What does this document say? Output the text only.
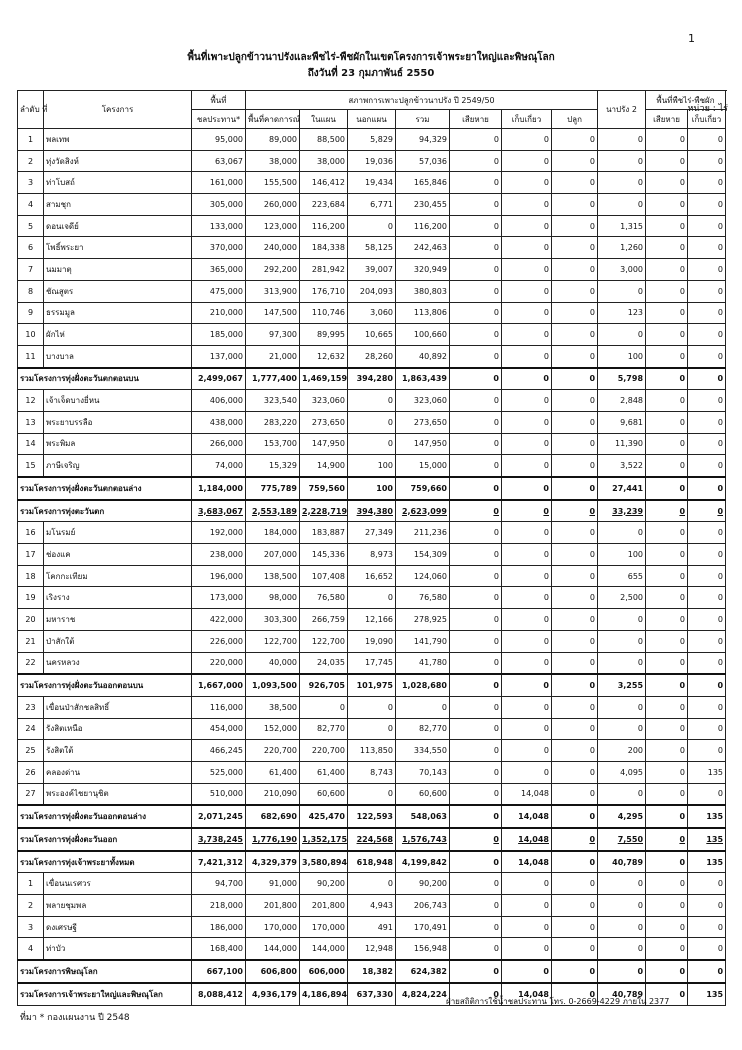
1
พื้นที่เพาะปลูกข้าวนาปรังและพืชไร่-พืชผักในเขตโครงการเจ้าพระยาใหญ่และพิษณุโลก
ถึงวันที่ 23 กุมภาพันธ์ 2550
หน่วย : ไร่
ลำดับ ที่	โครงการ	พื้นที่	สภาพการเพาะปลูกข้าวนาปรัง ปี 2549/50							นาปรัง 2	พื้นที่พืชไร่-พืชผัก	
		ชลประทาน*	พื้นที่คาดการณ์	ในแผน	นอกแผน	รวม	เสียหาย	เก็บเกี่ยว	ปลูก		เสียหาย	เก็บเกี่ยว
1	พลเทพ	95,000	89,000	88,500	5,829	94,329	0	0	0	0	0	0
2	ทุ่งวัดสิงห์	63,067	38,000	38,000	19,036	57,036	0	0	0	0	0	0
3	ท่าโบสถ์	161,000	155,500	146,412	19,434	165,846	0	0	0	0	0	0
4	สามชุก	305,000	260,000	223,684	6,771	230,455	0	0	0	0	0	0
5	ดอนเจดีย์	133,000	123,000	116,200	0	116,200	0	0	0	1,315	0	0
6	โพธิ์พระยา	370,000	240,000	184,338	58,125	242,463	0	0	0	1,260	0	0
7	นมมาตุ	365,000	292,200	281,942	39,007	320,949	0	0	0	3,000	0	0
8	ชัณสูตร	475,000	313,900	176,710	204,093	380,803	0	0	0	0	0	0
9	ธรรมมูล	210,000	147,500	110,746	3,060	113,806	0	0	0	123	0	0
10	ผักไห่	185,000	97,300	89,995	10,665	100,660	0	0	0	0	0	0
11	บางบาล	137,000	21,000	12,632	28,260	40,892	0	0	0	100	0	0
รวมโครงการทุ่งฝั่งตะวันตกตอนบน		2,499,067	1,777,400	1,469,159	394,280	1,863,439	0	0	0	5,798	0	0
12	เจ้าเจ็ดบางยี่หน	406,000	323,540	323,060	0	323,060	0	0	0	2,848	0	0
13	พระยาบรรลือ	438,000	283,220	273,650	0	273,650	0	0	0	9,681	0	0
14	พระพิมล	266,000	153,700	147,950	0	147,950	0	0	0	11,390	0	0
15	ภาษีเจริญ	74,000	15,329	14,900	100	15,000	0	0	0	3,522	0	0
รวมโครงการทุ่งฝั่งตะวันตกตอนล่าง		1,184,000	775,789	759,560	100	759,660	0	0	0	27,441	0	0
รวมโครงการทุ่งตะวันตก		3,683,067	2,553,189	2,228,719	394,380	2,623,099	0	0	0	33,239	0	0
16	มโนรมย์	192,000	184,000	183,887	27,349	211,236	0	0	0	0	0	0
17	ช่องแค	238,000	207,000	145,336	8,973	154,309	0	0	0	100	0	0
18	โคกกะเทียม	196,000	138,500	107,408	16,652	124,060	0	0	0	655	0	0
19	เริงราง	173,000	98,000	76,580	0	76,580	0	0	0	2,500	0	0
20	มหาราช	422,000	303,300	266,759	12,166	278,925	0	0	0	0	0	0
21	ป่าสักใต้	226,000	122,700	122,700	19,090	141,790	0	0	0	0	0	0
22	นครหลวง	220,000	40,000	24,035	17,745	41,780	0	0	0	0	0	0
รวมโครงการทุ่งฝั่งตะวันออกตอนบน		1,667,000	1,093,500	926,705	101,975	1,028,680	0	0	0	3,255	0	0
23	เขื่อนป่าสักชลสิทธิ์	116,000	38,500	0	0	0	0	0	0	0	0	0
24	รังสิตเหนือ	454,000	152,000	82,770	0	82,770	0	0	0	0	0	0
25	รังสิตใต้	466,245	220,700	220,700	113,850	334,550	0	0	0	200	0	0
26	คลองด่าน	525,000	61,400	61,400	8,743	70,143	0	0	0	4,095	0	135
27	พระองค์ไชยานุชิต	510,000	210,090	60,600	0	60,600	0	14,048	0	0	0	0
รวมโครงการทุ่งฝั่งตะวันออกตอนล่าง		2,071,245	682,690	425,470	122,593	548,063	0	14,048	0	4,295	0	135
รวมโครงการทุ่งฝั่งตะวันออก		3,738,245	1,776,190	1,352,175	224,568	1,576,743	0	14,048	0	7,550	0	135
รวมโครงการทุ่งเจ้าพระยาทั้งหมด		7,421,312	4,329,379	3,580,894	618,948	4,199,842	0	14,048	0	40,789	0	135
1	เขื่อนนเรศวร	94,700	91,000	90,200	0	90,200	0	0	0	0	0	0
2	พลายชุมพล	218,000	201,800	201,800	4,943	206,743	0	0	0	0	0	0
3	ดงเศรษฐี	186,000	170,000	170,000	491	170,491	0	0	0	0	0	0
4	ท่าบัว	168,400	144,000	144,000	12,948	156,948	0	0	0	0	0	0
รวมโครงการพิษณุโลก		667,100	606,800	606,000	18,382	624,382	0	0	0	0	0	0
รวมโครงการเจ้าพระยาใหญ่และพิษณุโลก		8,088,412	4,936,179	4,186,894	637,330	4,824,224	0	14,048	0	40,789	0	135
ที่มา * กองแผนงาน ปี 2548
ฝ่ายสถิติการใช้น้ำชลประทาน โทร. 0-2669-4229 ภายใน 2377
